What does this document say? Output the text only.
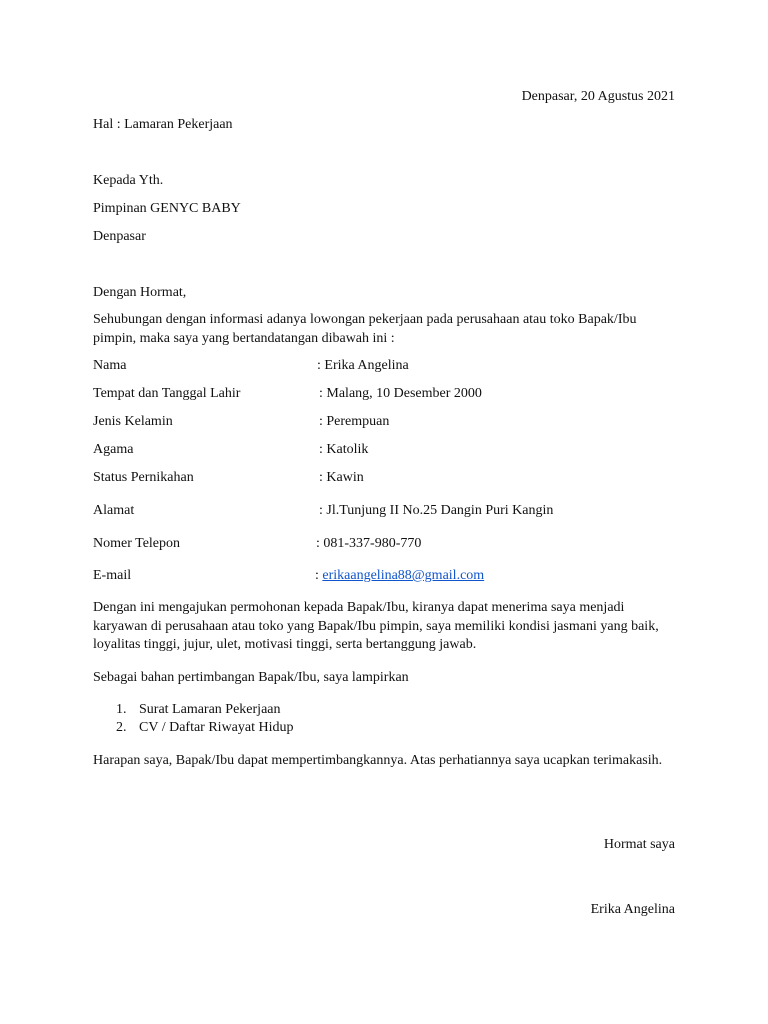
Denpasar, 20 Agustus 2021
Hal : Lamaran Pekerjaan
Kepada Yth.
Pimpinan GENYC BABY
Denpasar
Dengan Hormat,
Sehubungan dengan informasi adanya lowongan pekerjaan pada perusahaan atau toko Bapak/Ibu pimpin, maka saya yang bertandatangan dibawah ini :
Nama	: Erika Angelina
Tempat dan Tanggal Lahir	: Malang, 10 Desember 2000
Jenis Kelamin	: Perempuan
Agama	: Katolik
Status Pernikahan	: Kawin
Alamat	: Jl.Tunjung II No.25 Dangin Puri Kangin
Nomer Telepon	: 081-337-980-770
E-mail	: erikaangelina88@gmail.com
Dengan ini mengajukan permohonan kepada Bapak/Ibu, kiranya dapat menerima saya menjadi karyawan di perusahaan atau toko yang Bapak/Ibu pimpin, saya memiliki kondisi jasmani yang baik, loyalitas tinggi, jujur, ulet, motivasi tinggi, serta bertanggung jawab.
Sebagai bahan pertimbangan Bapak/Ibu, saya lampirkan
1. Surat Lamaran Pekerjaan
2. CV / Daftar Riwayat Hidup
Harapan saya, Bapak/Ibu dapat mempertimbangkannya. Atas perhatiannya saya ucapkan terimakasih.
Hormat saya
Erika Angelina
